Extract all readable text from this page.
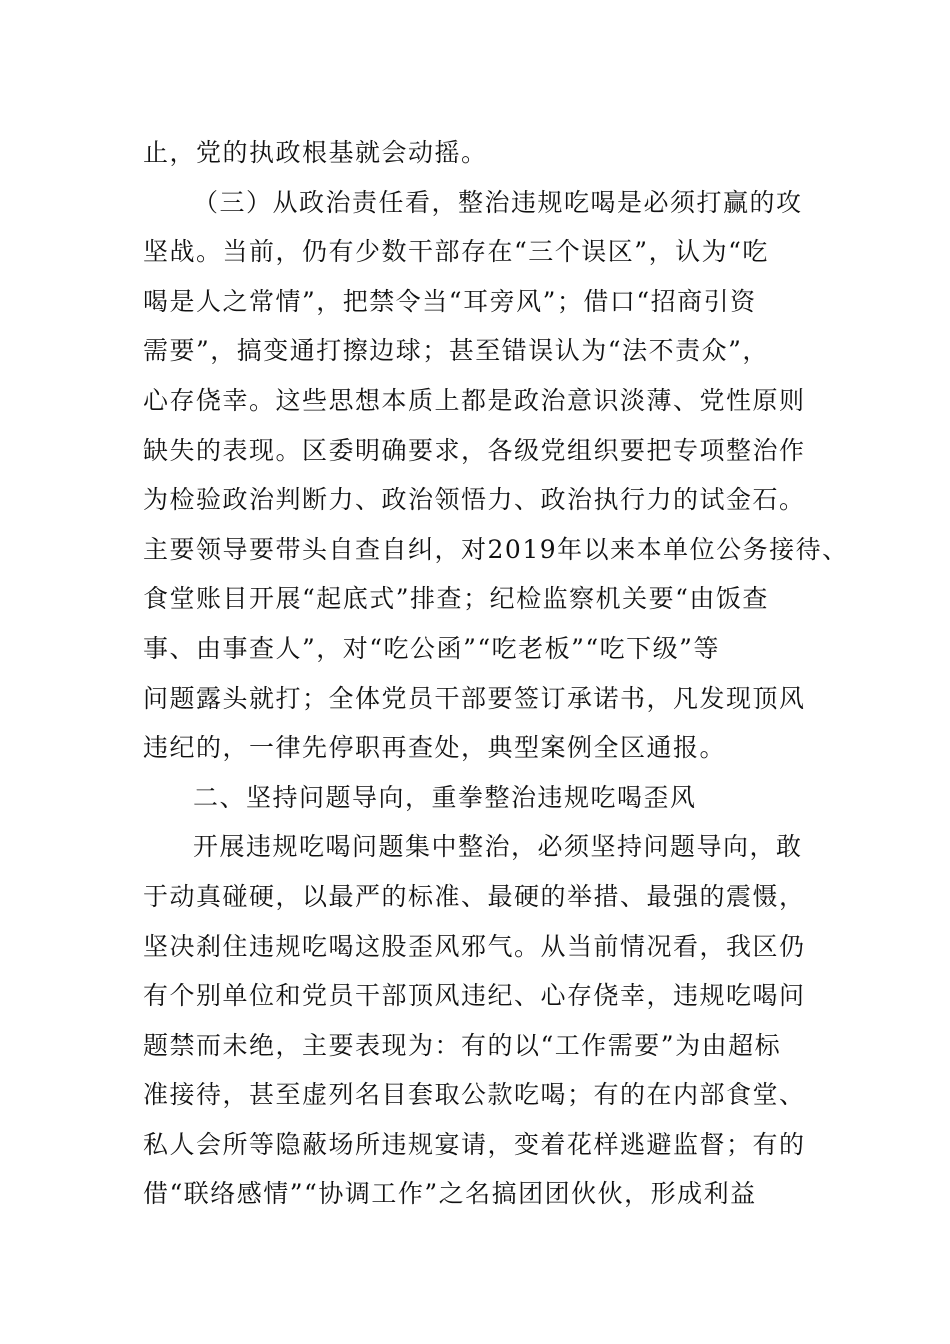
止，党的执政根基就会动摇。
（三）从政治责任看，整治违规吃喝是必须打赢的攻
坚战。当前，仍有少数干部存在“三个误区”，认为“吃
喝是人之常情”，把禁令当“耳旁风”；借口“招商引资
需要”，搞变通打擦边球；甚至错误认为“法不责众”，
心存侥幸。这些思想本质上都是政治意识淡薄、党性原则
缺失的表现。区委明确要求，各级党组织要把专项整治作
为检验政治判断力、政治领悟力、政治执行力的试金石。
主要领导要带头自查自纠，对2019年以来本单位公务接待、
食堂账目开展“起底式”排查；纪检监察机关要“由饭查
事、由事查人”，对“吃公函”“吃老板”“吃下级”等
问题露头就打；全体党员干部要签订承诺书，凡发现顶风
违纪的，一律先停职再查处，典型案例全区通报。
二、坚持问题导向，重拳整治违规吃喝歪风
开展违规吃喝问题集中整治，必须坚持问题导向，敢
于动真碰硬，以最严的标准、最硬的举措、最强的震慑，
坚决刹住违规吃喝这股歪风邪气。从当前情况看，我区仍
有个别单位和党员干部顶风违纪、心存侥幸，违规吃喝问
题禁而未绝，主要表现为：有的以“工作需要”为由超标
准接待，甚至虚列名目套取公款吃喝；有的在内部食堂、
私人会所等隐蔽场所违规宴请，变着花样逃避监督；有的
借“联络感情”“协调工作”之名搞团团伙伙，形成利益
